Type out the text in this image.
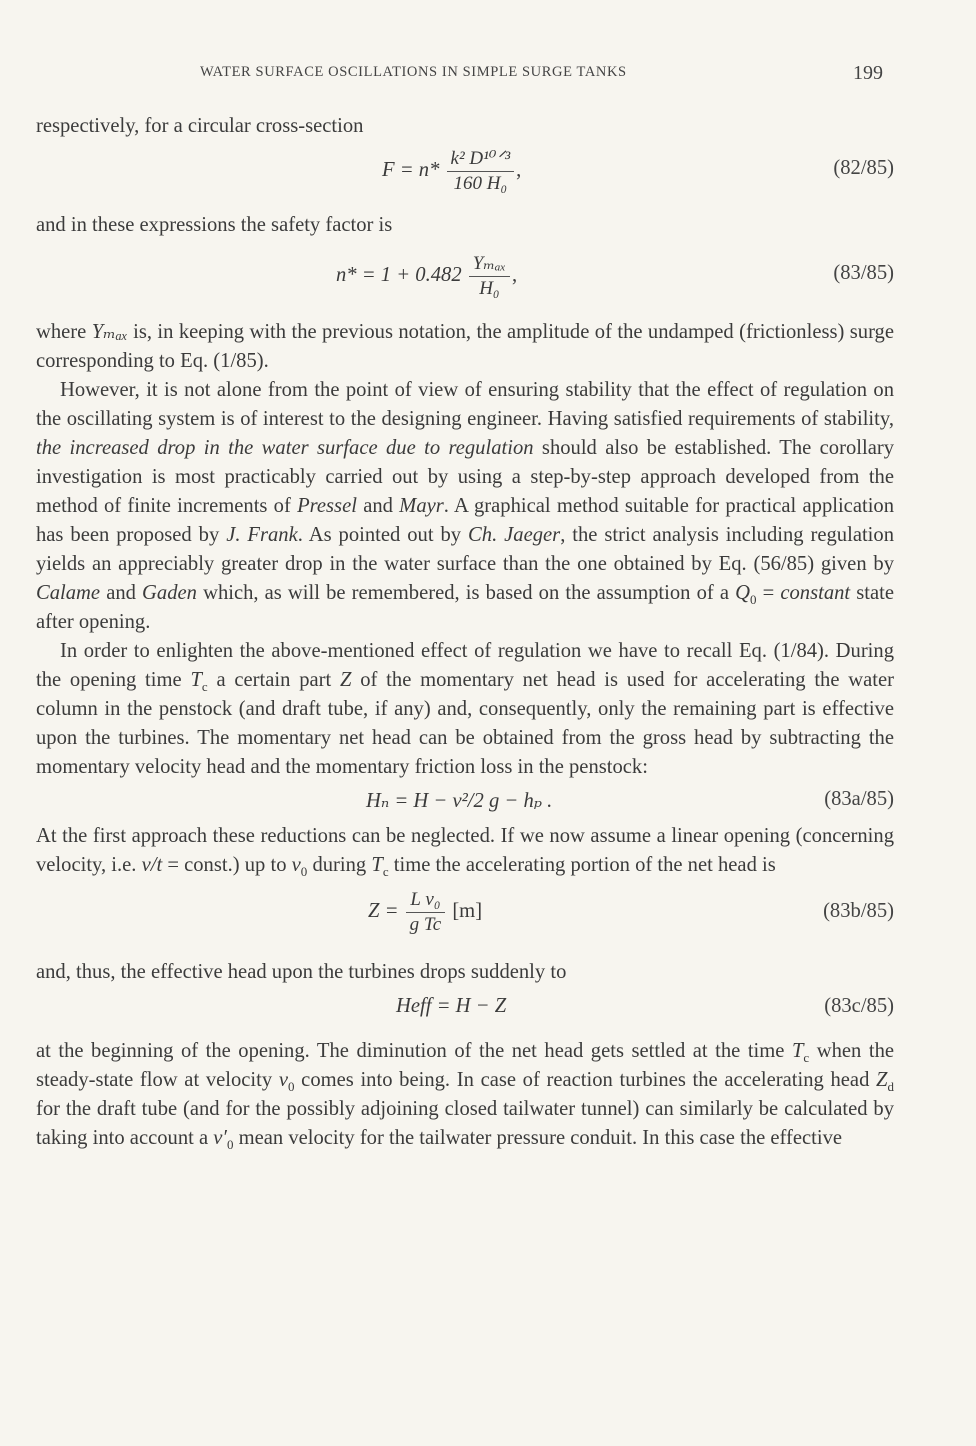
WATER SURFACE OSCILLATIONS IN SIMPLE SURGE TANKS	199

respectively, for a circular cross-section

$F = n* \frac{\text{k² D¹⁰ᐟ³}}{\text{160 H₀}}$ ,	(82/85)

and in these expressions the safety factor is

$n* = 1 + 0.482 \frac{\text{Yₘₐₓ}}{\text{H₀}}$ ,	(83/85)

where Yₘₐₓ is, in keeping with the previous notation, the amplitude of the undamped (frictionless) surge corresponding to Eq. (1/85).

However, it is not alone from the point of view of ensuring stability that the effect of regulation on the oscillating system is of interest to the designing engineer. Having satisfied requirements of stability, the increased drop in the water surface due to regulation should also be established. The corollary investigation is most practicably carried out by using a step-by-step approach developed from the method of finite increments of Pressel and Mayr. A graphical method suitable for practical application has been proposed by J. Frank. As pointed out by Ch. Jaeger, the strict analysis including regulation yields an appreciably greater drop in the water surface than the one obtained by Eq. (56/85) given by Calame and Gaden which, as will be remembered, is based on the assumption of a $Q_0$ = constant state after opening.

In order to enlighten the above-mentioned effect of regulation we have to recall Eq. (1/84). During the opening time $T_c$ a certain part Z of the momentary net head is used for accelerating the water column in the penstock (and draft tube, if any) and, consequently, only the remaining part is effective upon the turbines. The momentary net head can be obtained from the gross head by subtracting the momentary velocity head and the momentary friction loss in the penstock:

Hₙ = H − v²/2 g − hₚ .	(83a/85)

At the first approach these reductions can be neglected. If we now assume a linear opening (concerning velocity, i.e. v/t = const.) up to $v_0$ during $T_c$ time the accelerating portion of the net head is

$Z = \frac{\text{L v₀}}{\text{g Tc}} [m]$	(83b/85)

and, thus, the effective head upon the turbines drops suddenly to

Heff = H − Z	(83c/85)

at the beginning of the opening. The diminution of the net head gets settled at the time $T_c$ when the steady-state flow at velocity $v_0$ comes into being. In case of reaction turbines the accelerating head $Z_d$ for the draft tube (and for the possibly adjoining closed tailwater tunnel) can similarly be calculated by taking into account a $v'_0$ mean velocity for the tailwater pressure conduit. In this case the effective
